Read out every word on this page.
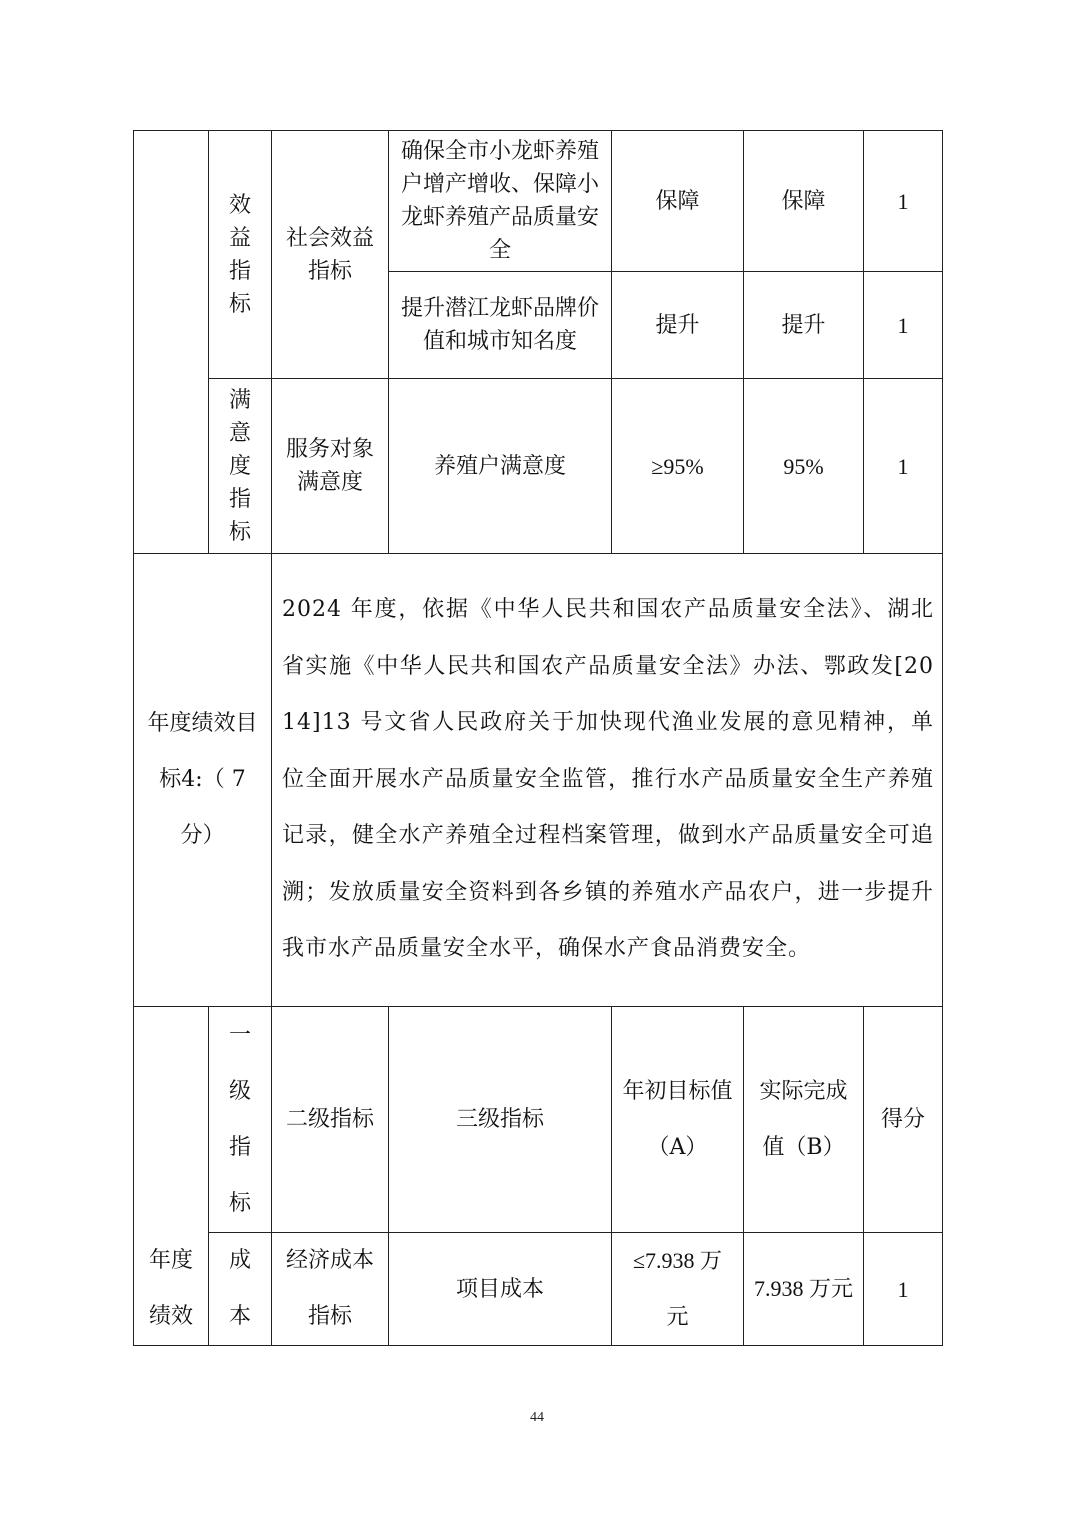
	效益指标	社会效益指标	确保全市小龙虾养殖户增产增收、保障小龙虾养殖产品质量安全	保障	保障	1
			提升潜江龙虾品牌价值和城市知名度	提升	提升	1
	满意度指标	服务对象满意度	养殖户满意度	≥95%	95%	1
年度绩效目标4:（ 7 分）		2024 年度，依据《中华人民共和国农产品质量安全法》、湖北省实施《中华人民共和国农产品质量安全法》办法、鄂政发[2014]13 号文省人民政府关于加快现代渔业发展的意见精神，单位全面开展水产品质量安全监管，推行水产品质量安全生产养殖记录，健全水产养殖全过程档案管理，做到水产品质量安全可追溯；发放质量安全资料到各乡镇的养殖水产品农户，进一步提升我市水产品质量安全水平，确保水产食品消费安全。				
年度绩效	一级指标	二级指标	三级指标	年初目标值（A）	实际完成值（B）	得分
	成本	经济成本指标	项目成本	≤7.938 万元	7.938 万元	1
44
